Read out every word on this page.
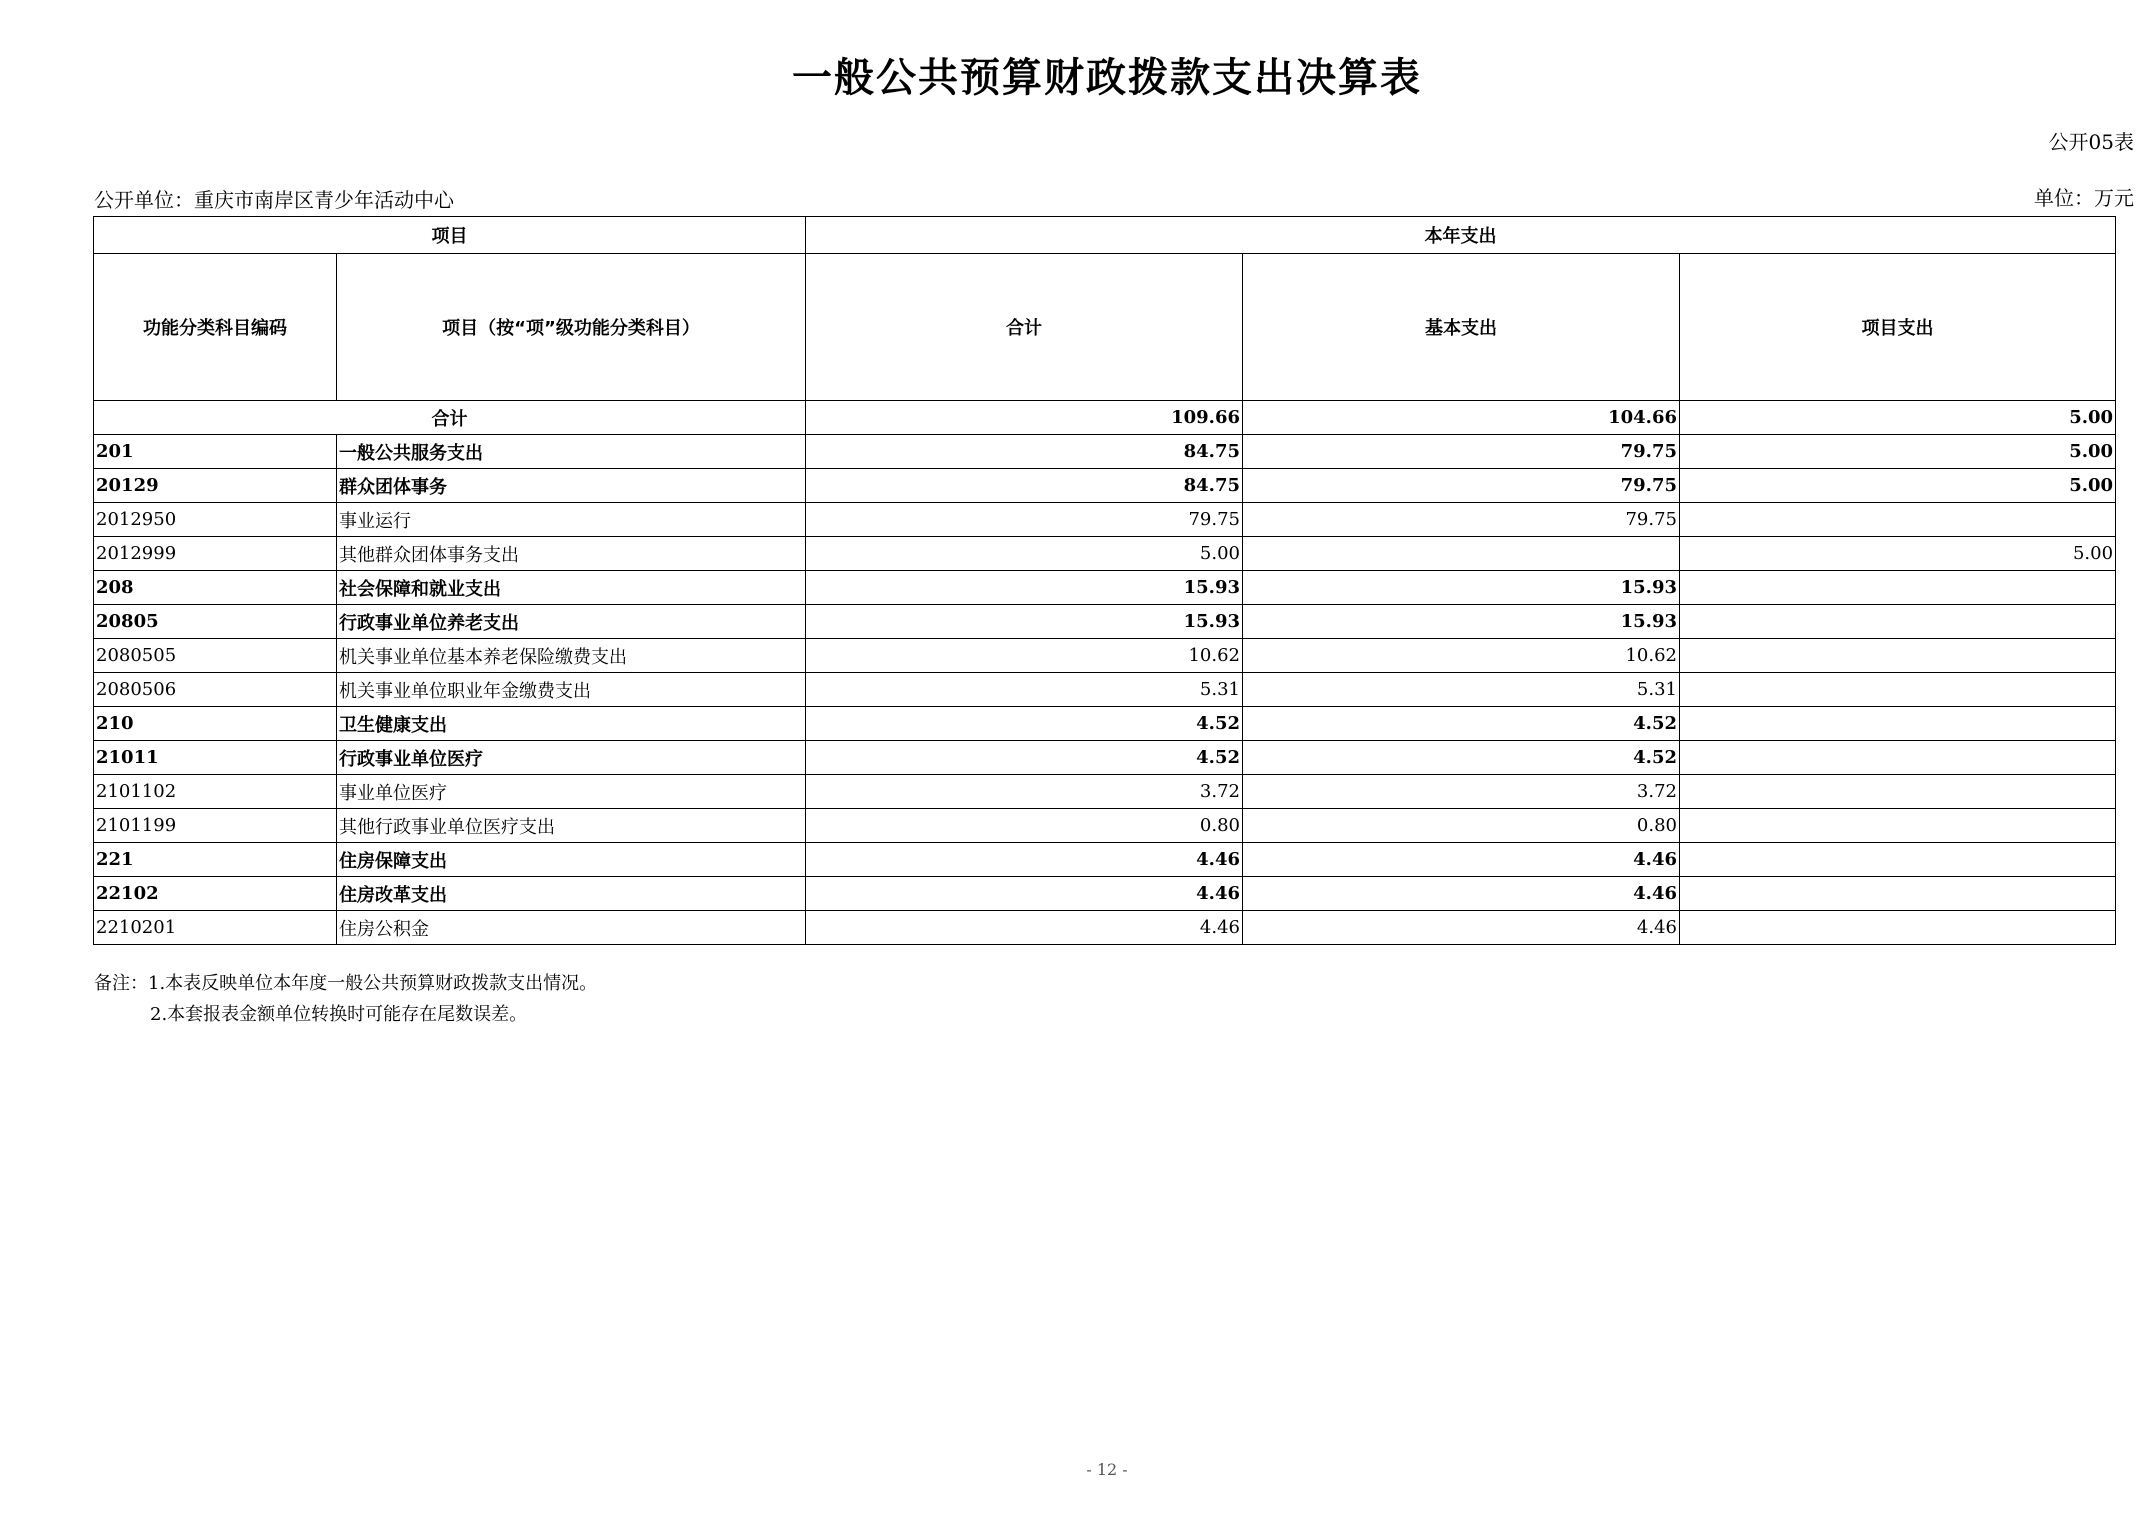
一般公共预算财政拨款支出决算表
公开05表
公开单位：重庆市南岸区青少年活动中心	单位：万元
项目		本年支出		
功能分类科目编码	项目（按“项”级功能分类科目）	合计	基本支出	项目支出
合计		109.66	104.66	5.00
201	一般公共服务支出	84.75	79.75	5.00
20129	群众团体事务	84.75	79.75	5.00
2012950	事业运行	79.75	79.75	
2012999	其他群众团体事务支出	5.00		5.00
208	社会保障和就业支出	15.93	15.93	
20805	行政事业单位养老支出	15.93	15.93	
2080505	机关事业单位基本养老保险缴费支出	10.62	10.62	
2080506	机关事业单位职业年金缴费支出	5.31	5.31	
210	卫生健康支出	4.52	4.52	
21011	行政事业单位医疗	4.52	4.52	
2101102	事业单位医疗	3.72	3.72	
2101199	其他行政事业单位医疗支出	0.80	0.80	
221	住房保障支出	4.46	4.46	
22102	住房改革支出	4.46	4.46	
2210201	住房公积金	4.46	4.46	
备注：1.本表反映单位本年度一般公共预算财政拨款支出情况。
2.本套报表金额单位转换时可能存在尾数误差。
- 12 -
